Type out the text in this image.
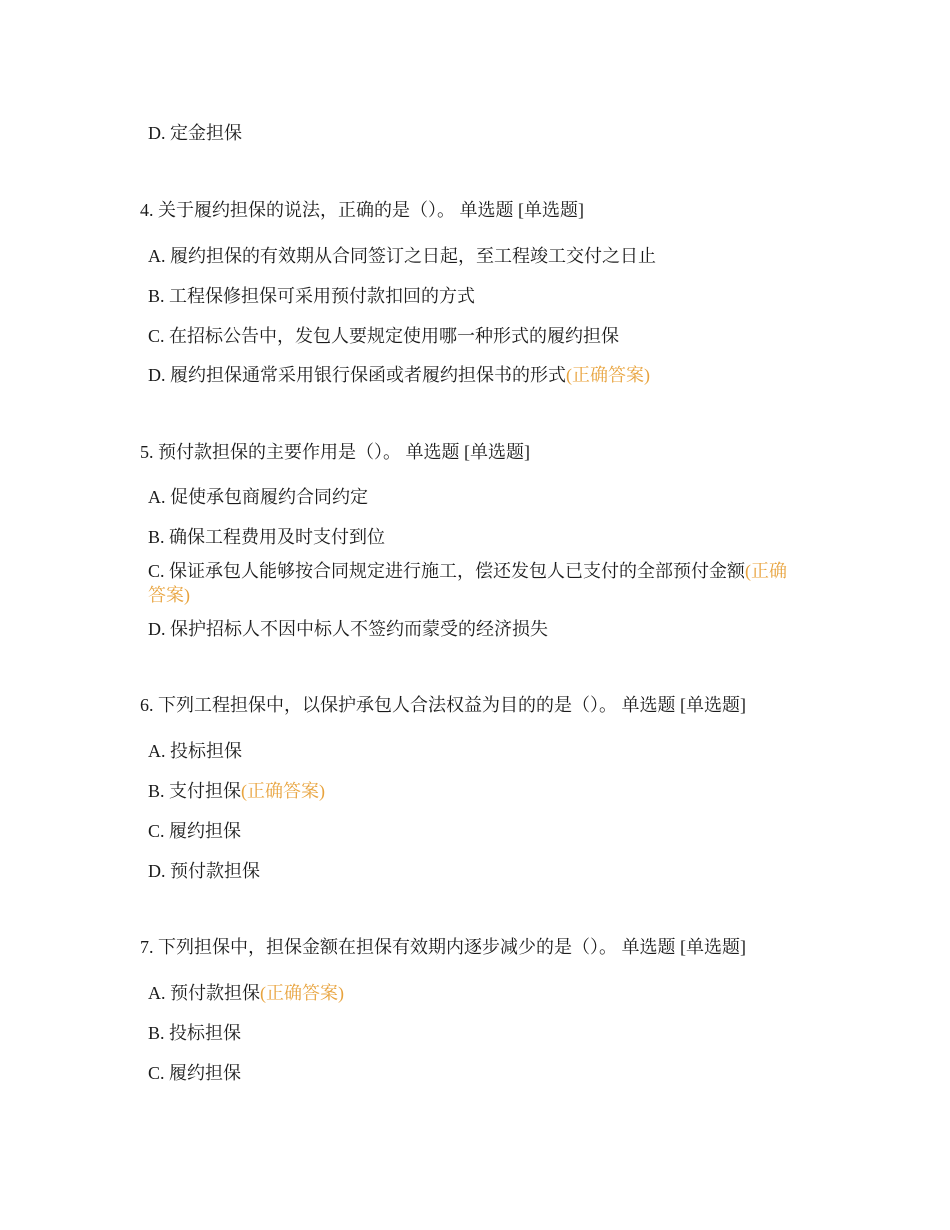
D. 定金担保
4. 关于履约担保的说法，正确的是（）。 单选题 [单选题]
A. 履约担保的有效期从合同签订之日起，至工程竣工交付之日止
B. 工程保修担保可采用预付款扣回的方式
C. 在招标公告中，发包人要规定使用哪一种形式的履约担保
D. 履约担保通常采用银行保函或者履约担保书的形式(正确答案)
5. 预付款担保的主要作用是（）。 单选题 [单选题]
A. 促使承包商履约合同约定
B. 确保工程费用及时支付到位
C. 保证承包人能够按合同规定进行施工，偿还发包人已支付的全部预付金额(正确答案)
D. 保护招标人不因中标人不签约而蒙受的经济损失
6. 下列工程担保中，以保护承包人合法权益为目的的是（）。 单选题 [单选题]
A. 投标担保
B. 支付担保(正确答案)
C. 履约担保
D. 预付款担保
7. 下列担保中，担保金额在担保有效期内逐步减少的是（）。 单选题 [单选题]
A. 预付款担保(正确答案)
B. 投标担保
C. 履约担保
